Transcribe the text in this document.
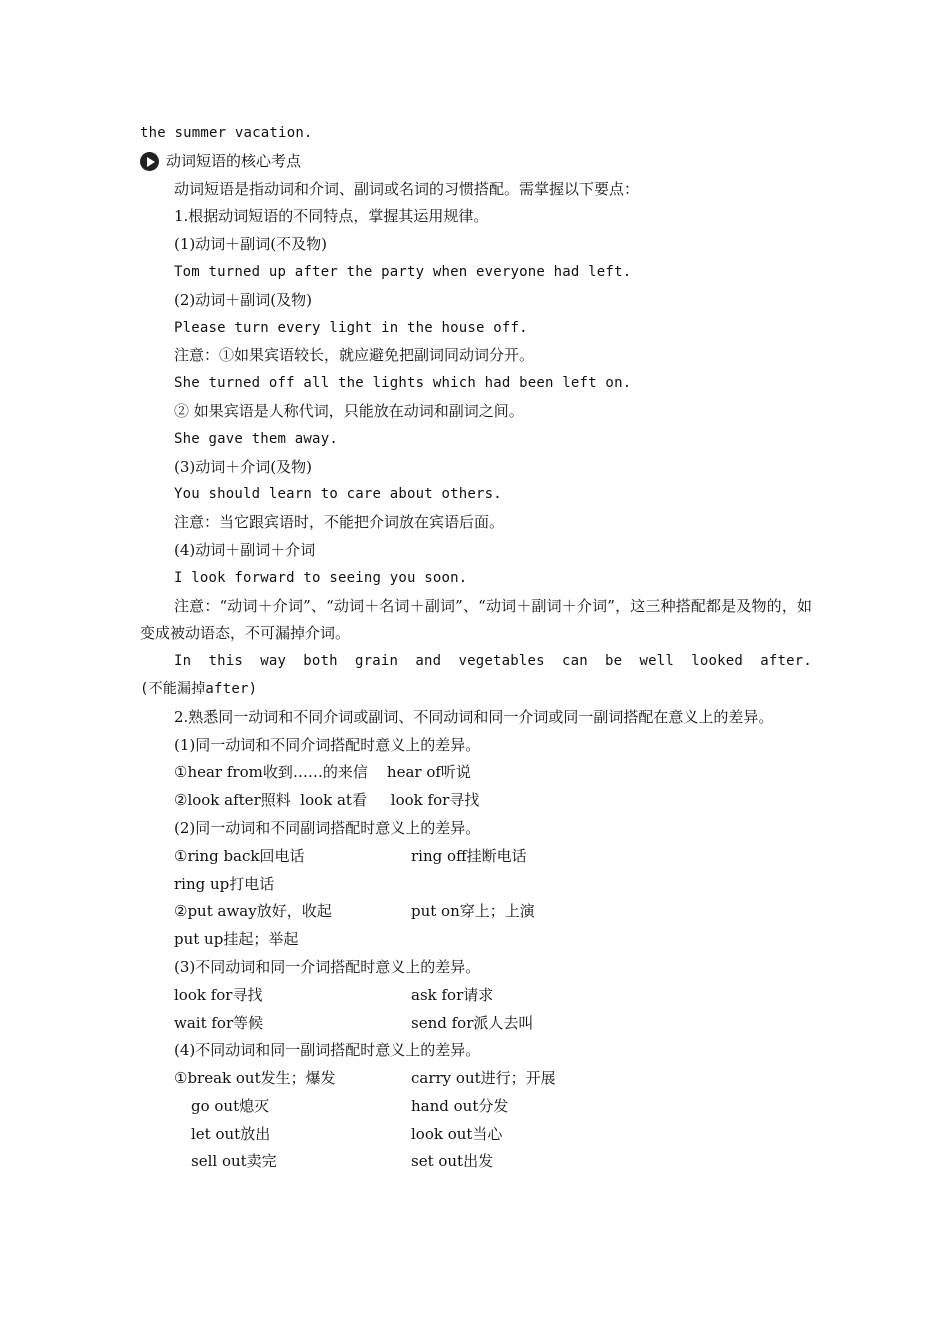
the summer vacation.
动词短语的核心考点
动词短语是指动词和介词、副词或名词的习惯搭配。需掌握以下要点：
1.根据动词短语的不同特点，掌握其运用规律。
(1)动词＋副词(不及物)
Tom turned up after the party when everyone had left.
(2)动词＋副词(及物)
Please turn every light in the house off.
注意：①如果宾语较长，就应避免把副词同动词分开。
She turned off all the lights which had been left on.
② 如果宾语是人称代词，只能放在动词和副词之间。
She gave them away.
(3)动词＋介词(及物)
You should learn to care about others.
注意：当它跟宾语时，不能把介词放在宾语后面。
(4)动词＋副词＋介词
I look forward to seeing you soon.
注意：“动词＋介词”、“动词＋名词＋副词”、“动词＋副词＋介词”，这三种搭配都是及物的，如变成被动语态，不可漏掉介词。
In this way both grain and vegetables can be well looked after. (不能漏掉after)
2.熟悉同一动词和不同介词或副词、不同动词和同一介词或同一副词搭配在意义上的差异。
(1)同一动词和不同介词搭配时意义上的差异。
①hear from收到……的来信    hear of听说
②look after照料  look at看     look for寻找
(2)同一动词和不同副词搭配时意义上的差异。
①ring back回电话	ring off挂断电话
ring up打电话
②put away放好，收起	put on穿上；上演
put up挂起；举起
(3)不同动词和同一介词搭配时意义上的差异。
look for寻找	ask for请求
wait for等候	send for派人去叫
(4)不同动词和同一副词搭配时意义上的差异。
①break out发生；爆发	carry out进行；开展
go out熄灭	hand out分发
let out放出	look out当心
sell out卖完	set out出发
